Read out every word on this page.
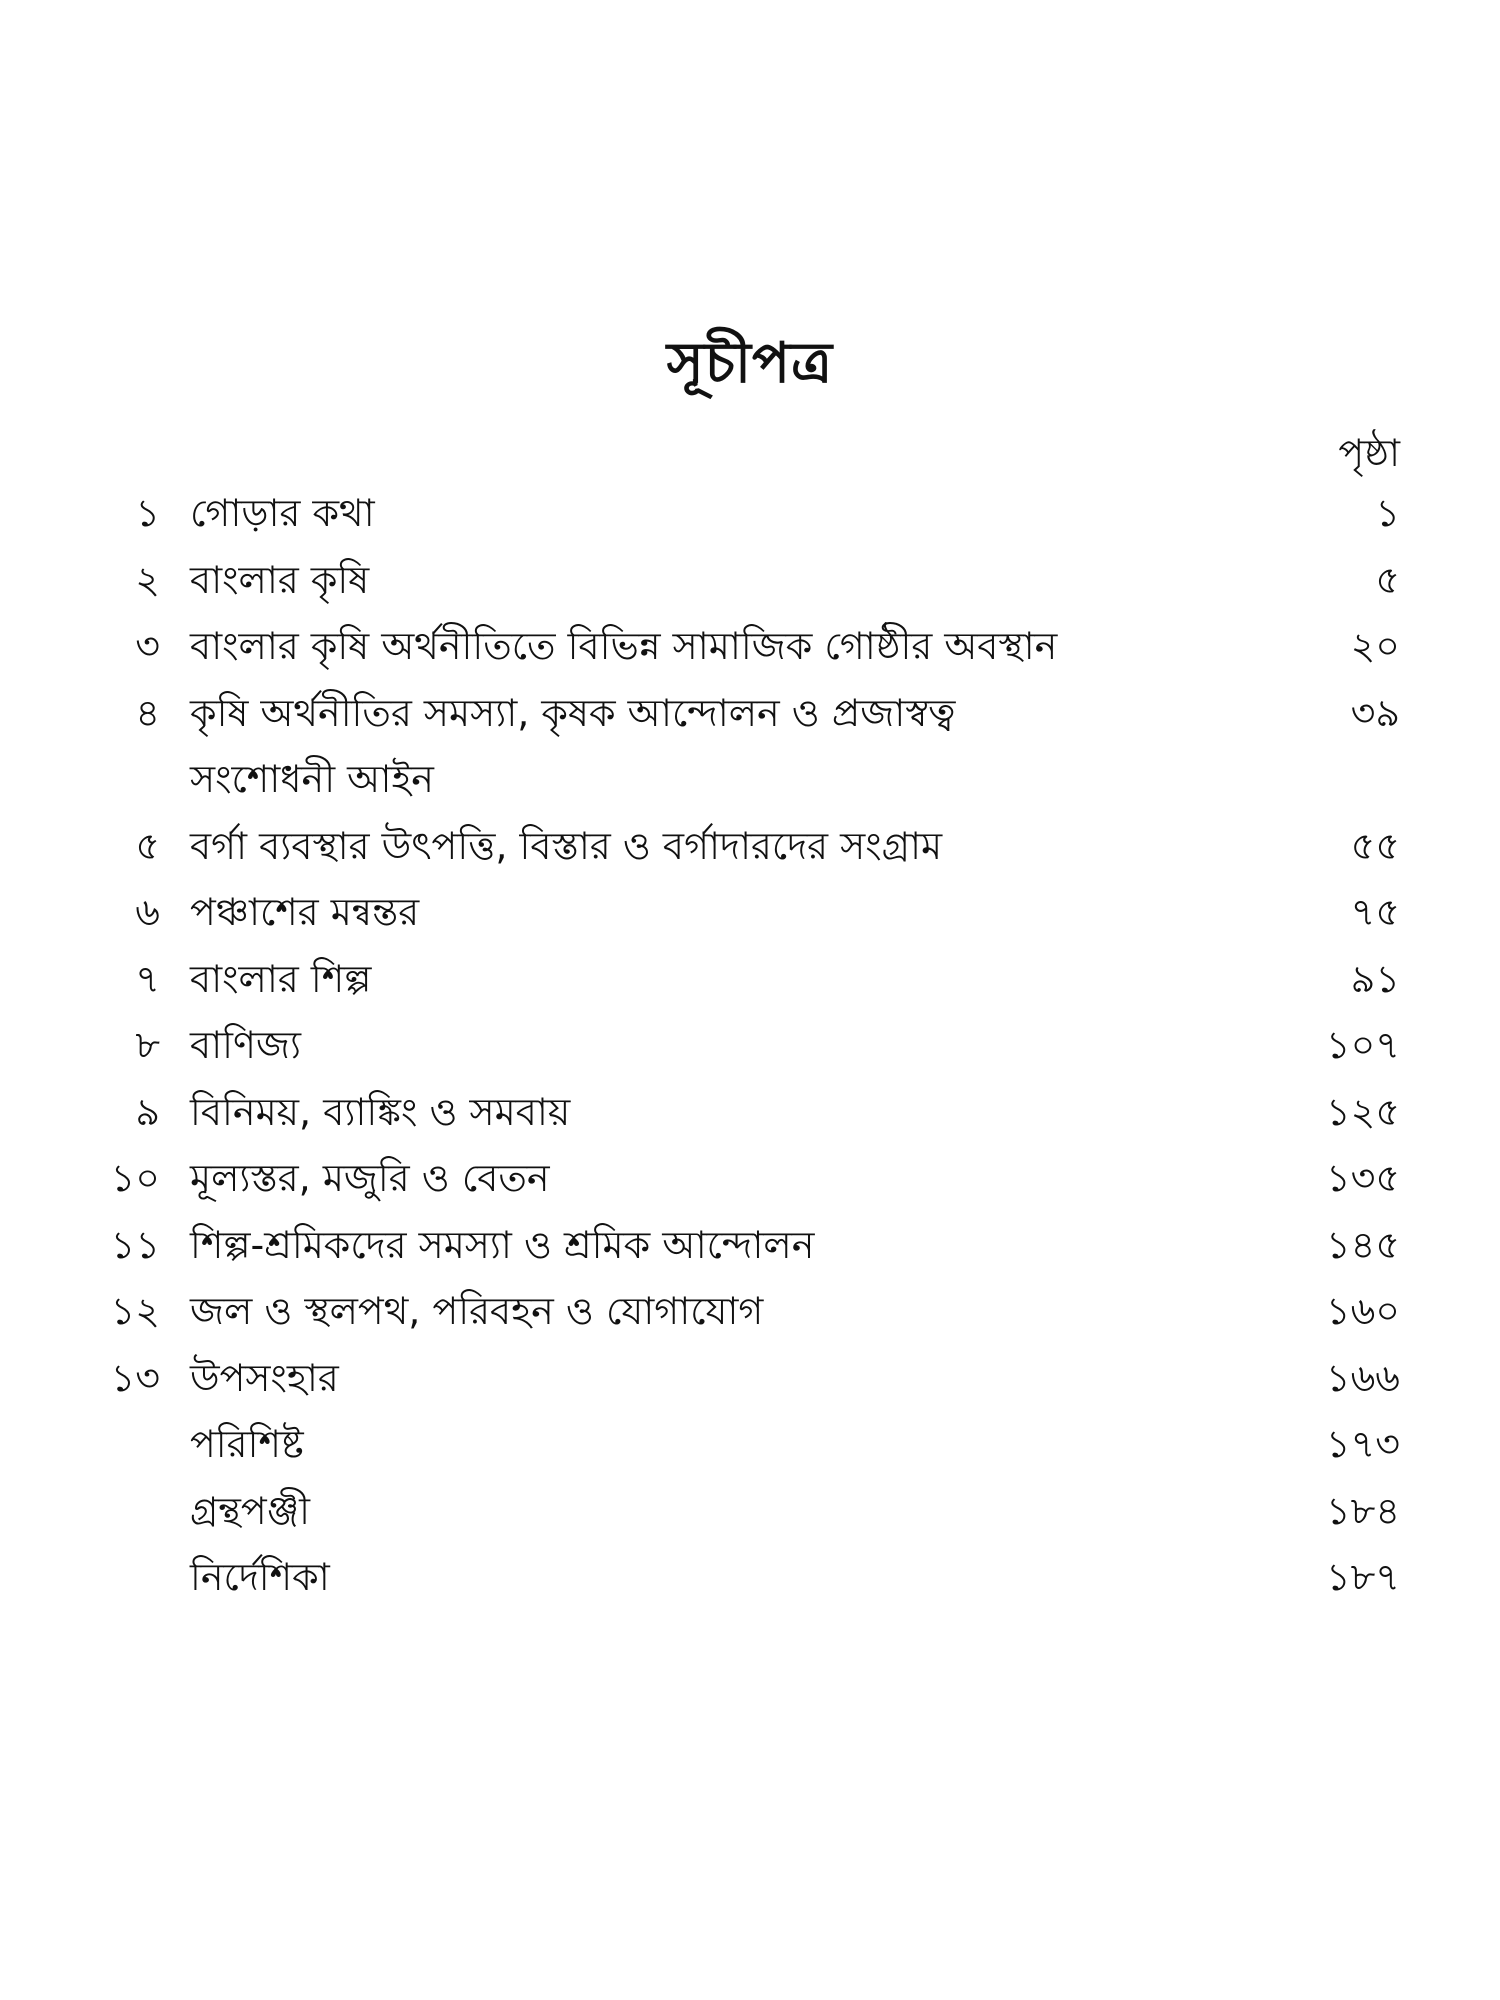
সূচীপত্র
পৃষ্ঠা
১ গোড়ার কথা	১
২ বাংলার কৃষি	৫
৩ বাংলার কৃষি অর্থনীতিতে বিভিন্ন সামাজিক গোষ্ঠীর অবস্থান	২০
৪ কৃষি অর্থনীতির সমস্যা, কৃষক আন্দোলন ও প্রজাস্বত্ব	৩৯
সংশোধনী আইন
৫ বর্গা ব্যবস্থার উৎপত্তি, বিস্তার ও বর্গাদারদের সংগ্রাম	৫৫
৬ পঞ্চাশের মন্বন্তর	৭৫
৭ বাংলার শিল্প	৯১
৮ বাণিজ্য	১০৭
৯ বিনিময়, ব্যাঙ্কিং ও সমবায়	১২৫
১০ মূল্যস্তর, মজুরি ও বেতন	১৩৫
১১ শিল্প-শ্রমিকদের সমস্যা ও শ্রমিক আন্দোলন	১৪৫
১২ জল ও স্থলপথ, পরিবহন ও যোগাযোগ	১৬০
১৩ উপসংহার	১৬৬
পরিশিষ্ট	১৭৩
গ্রন্থপঞ্জী	১৮৪
নির্দেশিকা	১৮৭
